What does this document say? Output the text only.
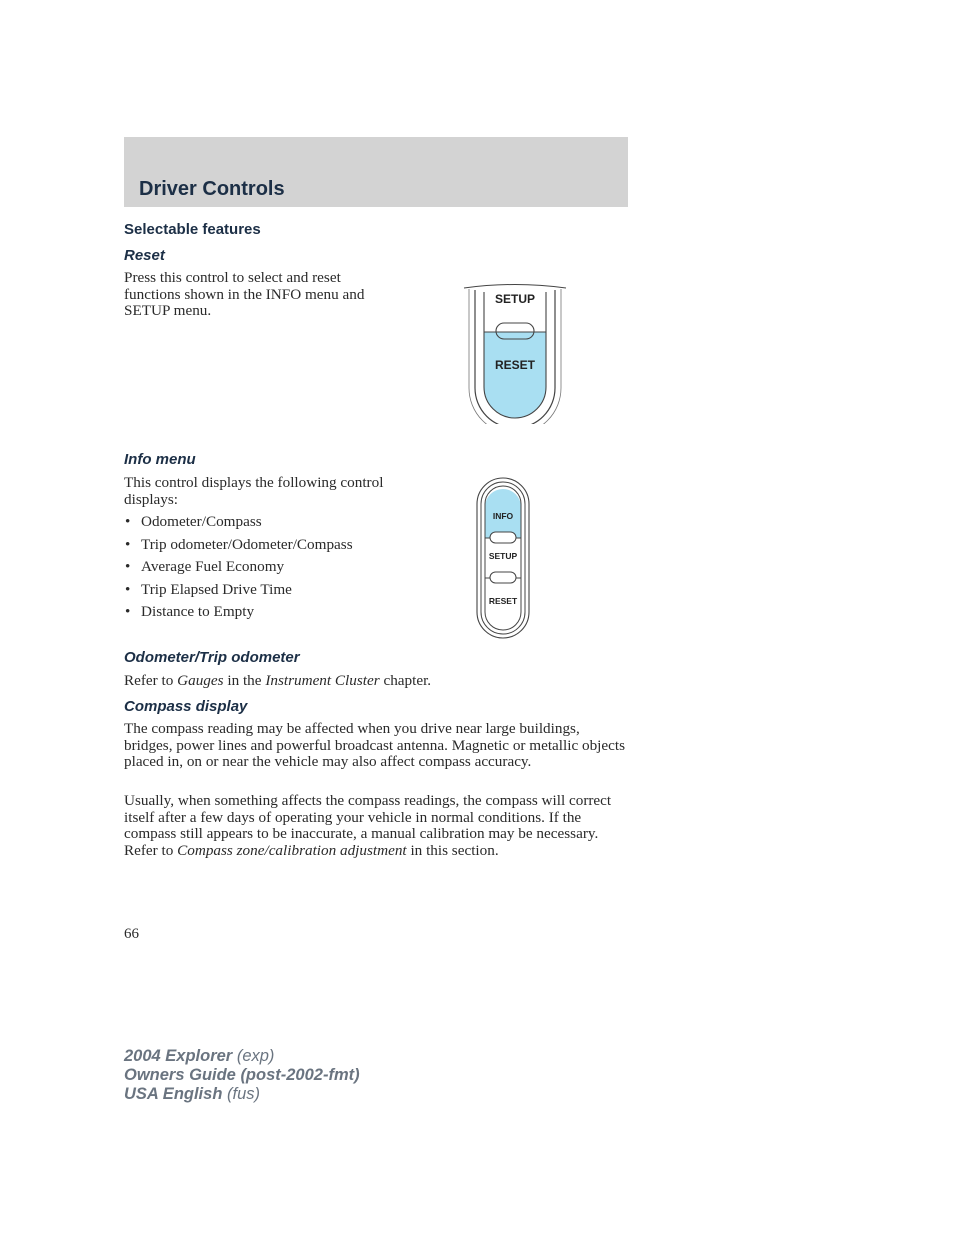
Driver Controls
Selectable features
Reset

Press this control to select and reset functions shown in the INFO menu and SETUP menu.

SETUP
RESET
Info menu

This control displays the following control displays:

• Odometer/Compass
• Trip odometer/Odometer/Compass
• Average Fuel Economy
• Trip Elapsed Drive Time
• Distance to Empty
INFO
SETUP
RESET
Odometer/Trip odometer

Refer to Gauges in the Instrument Cluster chapter.

Compass display

The compass reading may be affected when you drive near large buildings, bridges, power lines and powerful broadcast antenna. Magnetic or metallic objects placed in, on or near the vehicle may also affect compass accuracy.

Usually, when something affects the compass readings, the compass will correct itself after a few days of operating your vehicle in normal conditions. If the compass still appears to be inaccurate, a manual calibration may be necessary. Refer to Compass zone/calibration adjustment in this section.

66

2004 Explorer (exp)
Owners Guide (post-2002-fmt)
USA English (fus)
